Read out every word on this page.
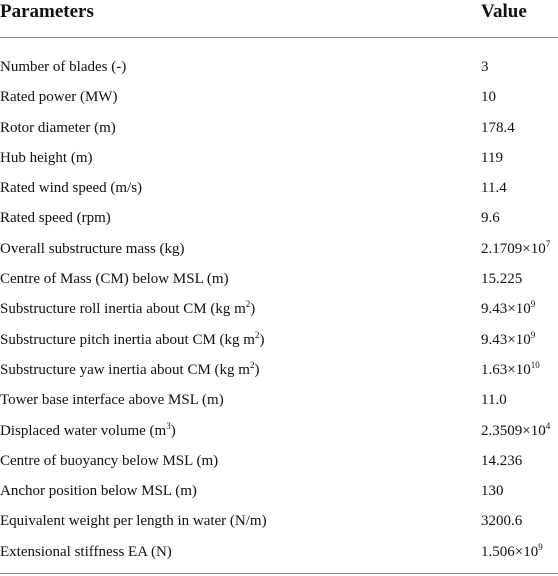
Parameters	Value
Number of blades (-)	3
Rated power (MW)	10
Rotor diameter (m)	178.4
Hub height (m)	119
Rated wind speed (m/s)	11.4
Rated speed (rpm)	9.6
Overall substructure mass (kg)	$2.1709\times 10^7$
Centre of Mass (CM) below MSL (m)	15.225
Substructure roll inertia about CM (kg $m^2$)	$9.43\times 10^9$
Substructure pitch inertia about CM (kg $m^2$)	$9.43\times 10^9$
Substructure yaw inertia about CM (kg $m^2$)	$1.63\times 10^{10}$
Tower base interface above MSL (m)	11.0
Displaced water volume $(m^3)$	$2.3509\times 10^4$
Centre of buoyancy below MSL (m)	14.236
Anchor position below MSL (m)	130
Equivalent weight per length in water (N/m)	3200.6
Extensional stiffness EA (N)	$1.506\times 10^9$
